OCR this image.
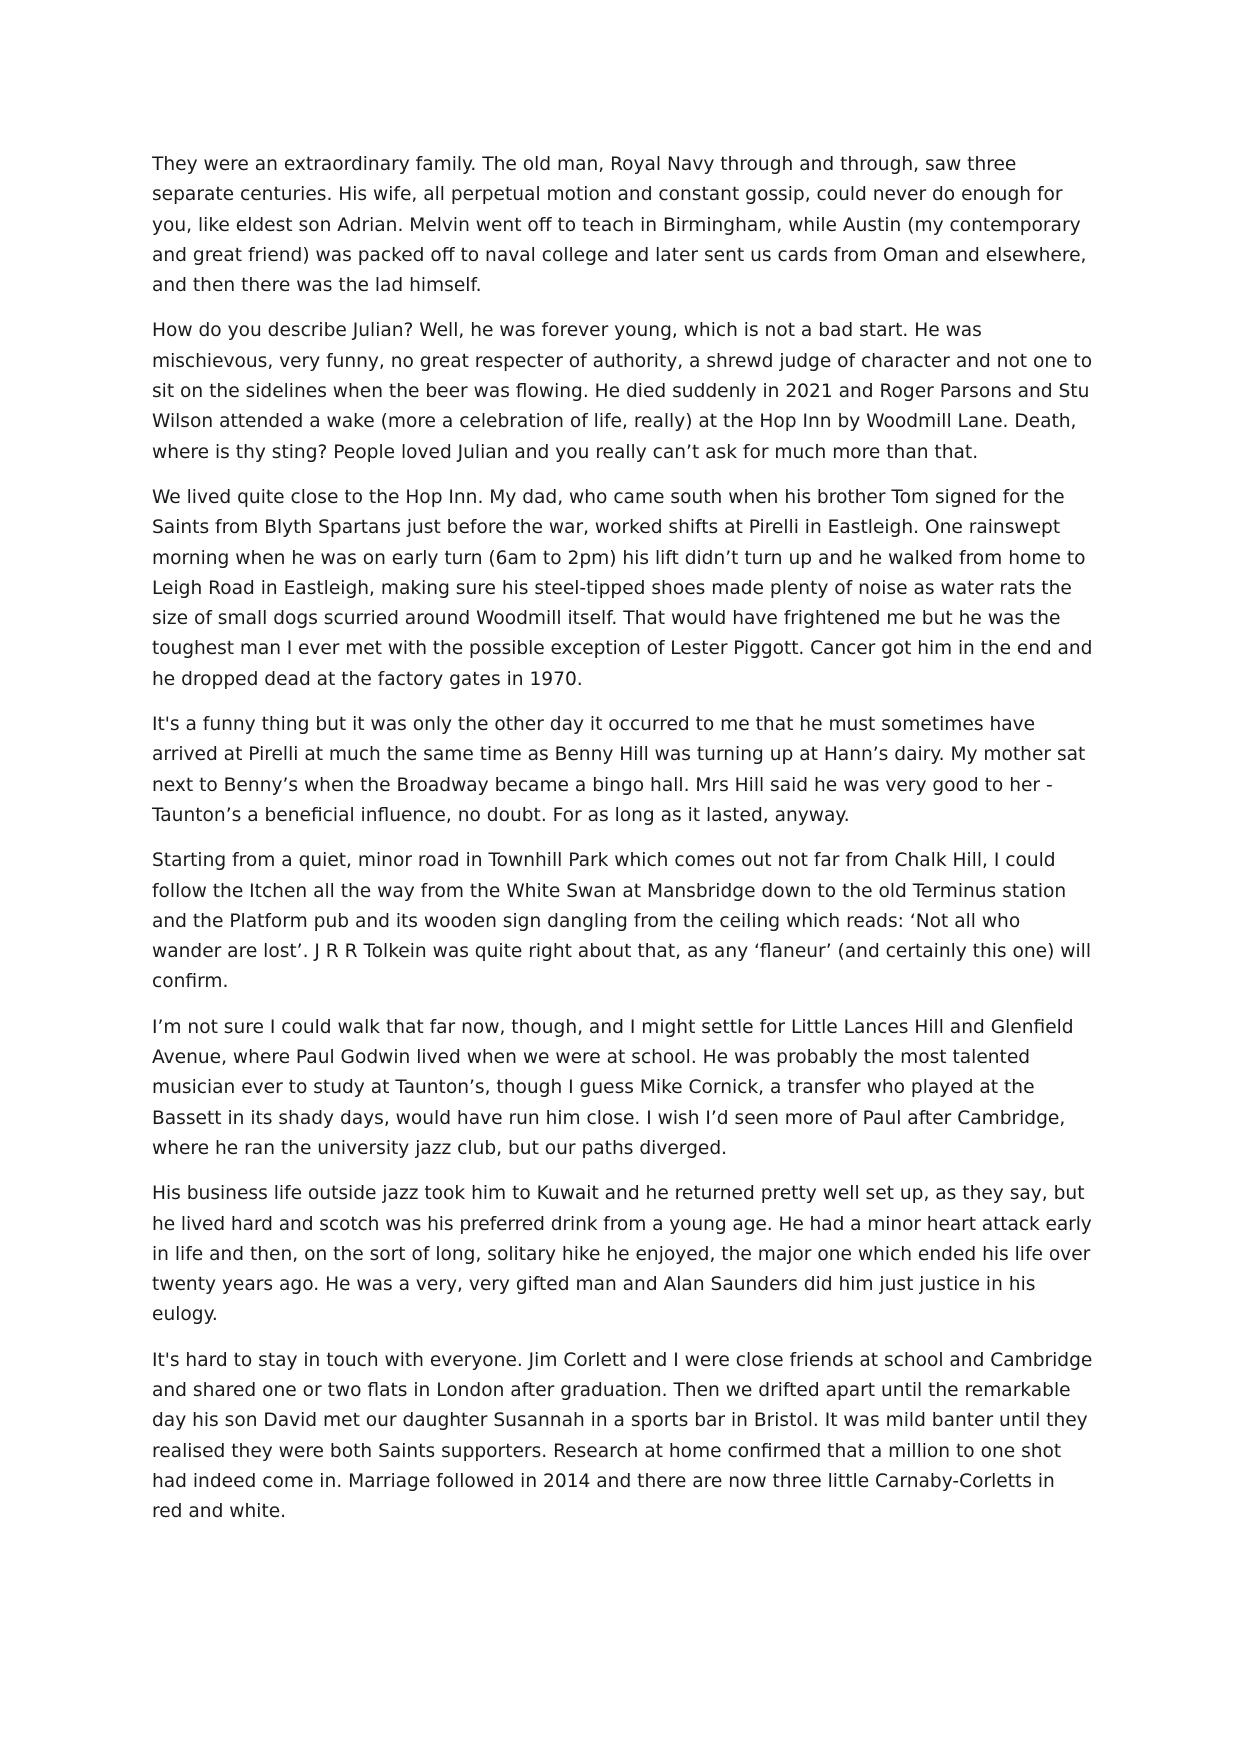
They were an extraordinary family. The old man, Royal Navy through and through, saw three
separate centuries. His wife, all perpetual motion and constant gossip, could never do enough for
you, like eldest son Adrian. Melvin went off to teach in Birmingham, while Austin (my contemporary
and great friend) was packed off to naval college and later sent us cards from Oman and elsewhere,
and then there was the lad himself.

How do you describe Julian? Well, he was forever young, which is not a bad start. He was
mischievous, very funny, no great respecter of authority, a shrewd judge of character and not one to
sit on the sidelines when the beer was flowing. He died suddenly in 2021 and Roger Parsons and Stu
Wilson attended a wake (more a celebration of life, really) at the Hop Inn by Woodmill Lane. Death,
where is thy sting? People loved Julian and you really can’t ask for much more than that.

We lived quite close to the Hop Inn. My dad, who came south when his brother Tom signed for the
Saints from Blyth Spartans just before the war, worked shifts at Pirelli in Eastleigh. One rainswept
morning when he was on early turn (6am to 2pm) his lift didn’t turn up and he walked from home to
Leigh Road in Eastleigh, making sure his steel-tipped shoes made plenty of noise as water rats the
size of small dogs scurried around Woodmill itself. That would have frightened me but he was the
toughest man I ever met with the possible exception of Lester Piggott. Cancer got him in the end and
he dropped dead at the factory gates in 1970.

It's a funny thing but it was only the other day it occurred to me that he must sometimes have
arrived at Pirelli at much the same time as Benny Hill was turning up at Hann’s dairy. My mother sat
next to Benny’s when the Broadway became a bingo hall. Mrs Hill said he was very good to her -
Taunton’s a beneficial influence, no doubt. For as long as it lasted, anyway.

Starting from a quiet, minor road in Townhill Park which comes out not far from Chalk Hill, I could
follow the Itchen all the way from the White Swan at Mansbridge down to the old Terminus station
and the Platform pub and its wooden sign dangling from the ceiling which reads: ‘Not all who
wander are lost’. J R R Tolkein was quite right about that, as any ‘flaneur’ (and certainly this one) will
confirm.

I’m not sure I could walk that far now, though, and I might settle for Little Lances Hill and Glenfield
Avenue, where Paul Godwin lived when we were at school. He was probably the most talented
musician ever to study at Taunton’s, though I guess Mike Cornick, a transfer who played at the
Bassett in its shady days, would have run him close. I wish I’d seen more of Paul after Cambridge,
where he ran the university jazz club, but our paths diverged.

His business life outside jazz took him to Kuwait and he returned pretty well set up, as they say, but
he lived hard and scotch was his preferred drink from a young age. He had a minor heart attack early
in life and then, on the sort of long, solitary hike he enjoyed, the major one which ended his life over
twenty years ago. He was a very, very gifted man and Alan Saunders did him just justice in his
eulogy.

It's hard to stay in touch with everyone. Jim Corlett and I were close friends at school and Cambridge
and shared one or two flats in London after graduation. Then we drifted apart until the remarkable
day his son David met our daughter Susannah in a sports bar in Bristol. It was mild banter until they
realised they were both Saints supporters. Research at home confirmed that a million to one shot
had indeed come in. Marriage followed in 2014 and there are now three little Carnaby-Corletts in
red and white.
